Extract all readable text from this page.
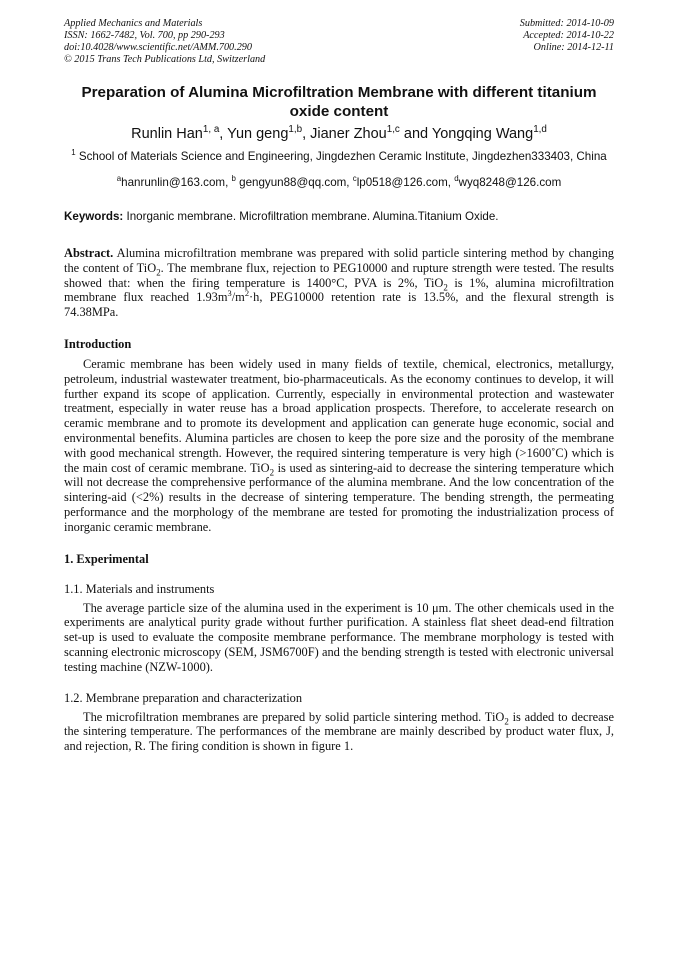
Applied Mechanics and Materials
ISSN: 1662-7482, Vol. 700, pp 290-293
doi:10.4028/www.scientific.net/AMM.700.290
© 2015 Trans Tech Publications Ltd, Switzerland
Submitted: 2014-10-09
Accepted: 2014-10-22
Online: 2014-12-11
Preparation of Alumina Microfiltration Membrane with different titanium oxide content
Runlin Han$^{1, a}$, Yun geng$^{1,b}$, Jianer Zhou$^{1,c}$ and Yongqing Wang$^{1,d}$
$^1$ School of Materials Science and Engineering, Jingdezhen Ceramic Institute, Jingdezhen333403, China
$^a$hanrunlin@163.com, $^b$ gengyun88@qq.com, $^c$lp0518@126.com, $^d$wyq8248@126.com
Keywords: Inorganic membrane. Microfiltration membrane. Alumina.Titanium Oxide.

Abstract. Alumina microfiltration membrane was prepared with solid particle sintering method by changing the content of TiO$_2$. The membrane flux, rejection to PEG10000 and rupture strength were tested. The results showed that: when the firing temperature is 1400°C, PVA is 2%, TiO$_2$ is 1%, alumina microfiltration membrane flux reached $1.93m^3/m^2\cdot h$, PEG10000 retention rate is 13.5%, and the flexural strength is 74.38MPa.

Introduction

Ceramic membrane has been widely used in many fields of textile, chemical, electronics, metallurgy, petroleum, industrial wastewater treatment, bio-pharmaceuticals. As the economy continues to develop, it will further expand its scope of application. Currently, especially in environmental protection and wastewater treatment, especially in water reuse has a broad application prospects. Therefore, to accelerate research on ceramic membrane and to promote its development and application can generate huge economic, social and environmental benefits. Alumina particles are chosen to keep the pore size and the porosity of the membrane with good mechanical strength. However, the required sintering temperature is very high (>1600˚C) which is the main cost of ceramic membrane. TiO$_2$ is used as sintering-aid to decrease the sintering temperature which will not decrease the comprehensive performance of the alumina membrane. And the low concentration of the sintering-aid (<2%) results in the decrease of sintering temperature. The bending strength, the permeating performance and the morphology of the membrane are tested for promoting the industrialization process of inorganic ceramic membrane.

1. Experimental
1.1. Materials and instruments

The average particle size of the alumina used in the experiment is 10 μm. The other chemicals used in the experiments are analytical purity grade without further purification. A stainless flat sheet dead-end filtration set-up is used to evaluate the composite membrane performance. The membrane morphology is tested with scanning electronic microscopy (SEM, JSM6700F) and the bending strength is tested with electronic universal testing machine (NZW-1000).

1.2. Membrane preparation and characterization

The microfiltration membranes are prepared by solid particle sintering method. TiO$_2$ is added to decrease the sintering temperature. The performances of the membrane are mainly described by product water flux, J, and rejection, R. The firing condition is shown in figure 1.
